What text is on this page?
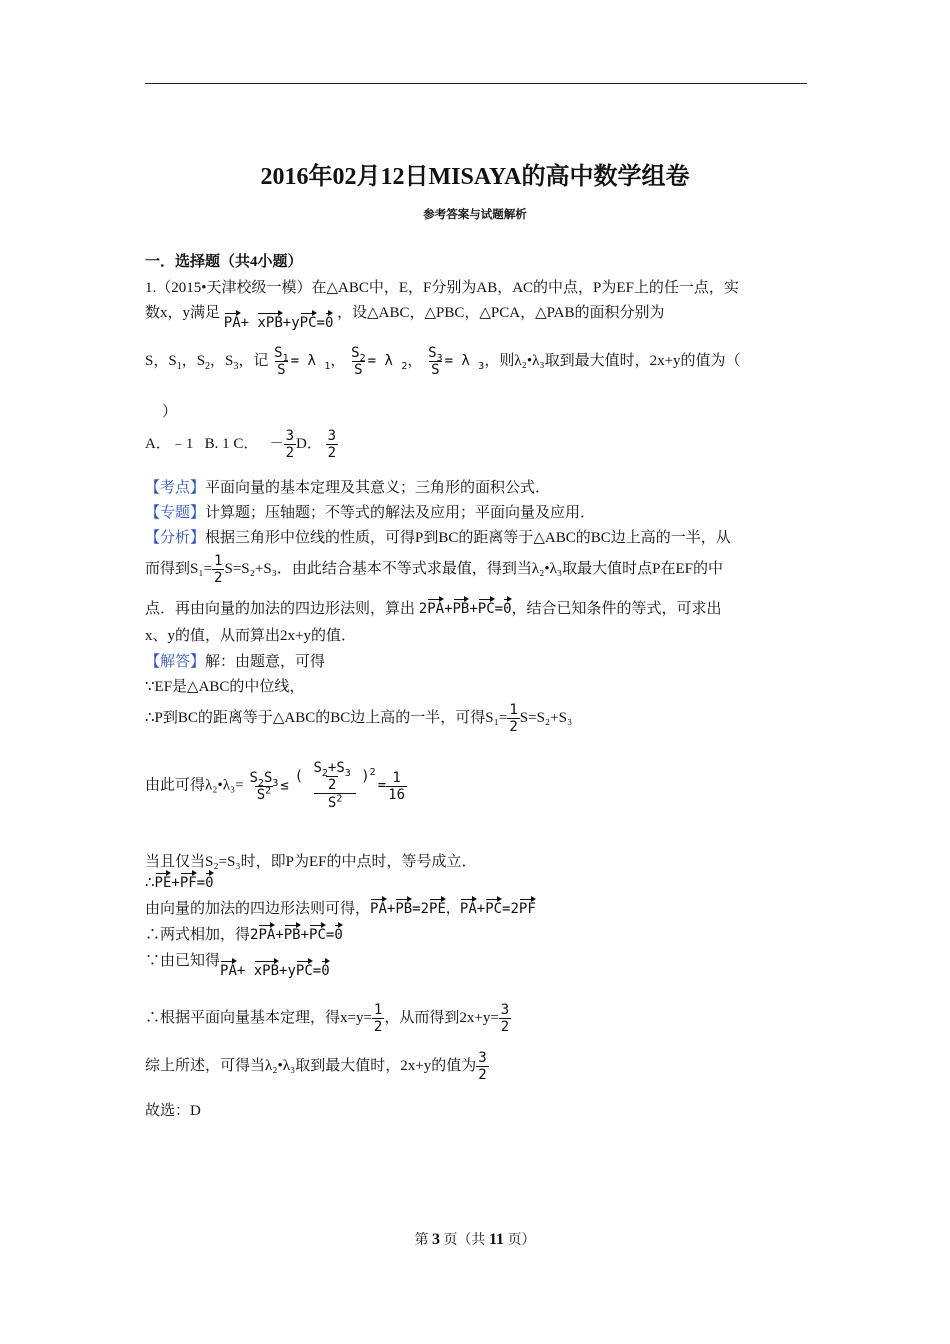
2016年02月12日MISAYA的高中数学组卷
参考答案与试题解析
一．选择题（共4小题）
1.（2015•天津校级一模）在△ABC中，E，F分别为AB，AC的中点，P为EF上的任一点，实
数x，y满足 PA+ xPB+yPC=0 ，设△ABC，△PBC，△PCA，△PAB的面积分别为
S，$S_1$，$S_2$，$S_3$，记 $\frac{S_1}{S} = \lambda$ $_1$， $\frac{S_2}{S} = \lambda$ $_2$， $\frac{S_3}{S} = \lambda$ $_3$，则λ₂•λ₃取到最大值时，2x+y的值为（
）
A．﹣1 B. 1 C． － $\frac{3}{2}$ D． $\frac{3}{2}$
【考点】平面向量的基本定理及其意义；三角形的面积公式．
【专题】计算题；压轴题；不等式的解法及应用；平面向量及应用．
【分析】根据三角形中位线的性质，可得P到BC的距离等于△ABC的BC边上高的一半，从
而得到$S_1= \frac{1}{2} S=S_2+S_3$．由此结合基本不等式求最值，得到当λ₂•λ₃取最大值时点P在EF的中
点．再由向量的加法的四边形法则，算出 2PA+PB+PC=0，结合已知条件的等式，可求出
x、y的值，从而算出2x+y的值．
【解答】解：由题意，可得
∵EF是△ABC的中位线，
∴P到BC的距离等于△ABC的BC边上高的一半，可得$S_1= \frac{1}{2} S=S_2+S_3$
由此可得λ₂•λ₃= $\frac{S_2S_3}{S^2} \le \frac{( \frac{S_2+S_3}{2} )^2}{S^2} = \frac{1}{16}$
当且仅当S₂=S₃时，即P为EF的中点时，等号成立．
∴PE+PF=0
由向量的加法的四边形法则可得，PA+PB=2PE，PA+PC=2PF
∴两式相加，得2PA+PB+PC=0
∵由已知得PA+ xPB+yPC=0
∴根据平面向量基本定理，得$x=y= \frac{1}{2}$ ，从而得到$2x+y= \frac{3}{2}$
综上所述，可得当λ₂•λ₃取到最大值时，2x+y的值为 $\frac{3}{2}$
故选：D
第 3 页（共 11 页）
